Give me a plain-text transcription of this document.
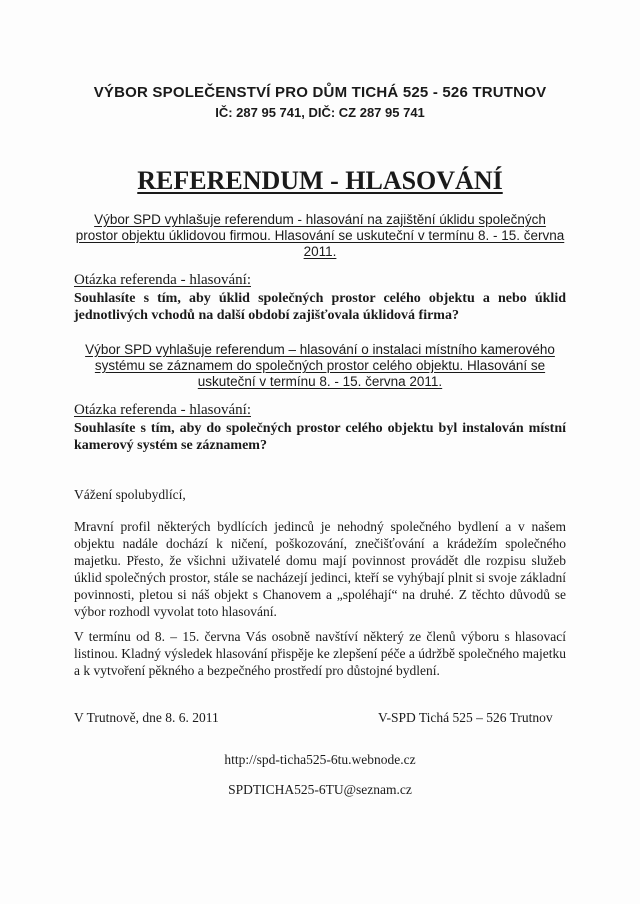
VÝBOR SPOLEČENSTVÍ PRO DŮM TICHÁ 525 - 526 TRUTNOV
IČ: 287 95 741, DIČ: CZ 287 95 741
REFERENDUM - HLASOVÁNÍ
Výbor SPD vyhlašuje referendum - hlasování na zajištění úklidu společných prostor objektu úklidovou firmou. Hlasování se uskuteční v termínu 8. - 15. června 2011.
Otázka referenda - hlasování:
Souhlasíte s tím, aby úklid společných prostor celého objektu a nebo úklid jednotlivých vchodů na další období zajišťovala úklidová firma?
Výbor SPD vyhlašuje referendum – hlasování o instalaci místního kamerového systému se záznamem do společných prostor celého objektu. Hlasování se uskuteční v termínu 8. - 15. června 2011.
Otázka referenda - hlasování:
Souhlasíte s tím, aby do společných prostor celého objektu byl instalován místní kamerový systém se záznamem?
Vážení spolubydlící,
Mravní profil některých bydlících jedinců je nehodný společného bydlení a v našem objektu nadále dochází k ničení, poškozování, znečišťování a krádežím společného majetku. Přesto, že všichni uživatelé domu mají povinnost provádět dle rozpisu služeb úklid společných prostor, stále se nacházejí jedinci, kteří se vyhýbají plnit si svoje základní povinnosti, pletou si náš objekt s Chanovem a „spoléhají“ na druhé. Z těchto důvodů se výbor rozhodl vyvolat toto hlasování.
V termínu od 8. – 15. června Vás osobně navštíví některý ze členů výboru s hlasovací listinou. Kladný výsledek hlasování přispěje ke zlepšení péče a údržbě společného majetku a k vytvoření pěkného a bezpečného prostředí pro důstojné bydlení.
V Trutnově, dne 8. 6. 2011	V-SPD Tichá 525 – 526 Trutnov
http://spd-ticha525-6tu.webnode.cz
SPDTICHA525-6TU@seznam.cz
